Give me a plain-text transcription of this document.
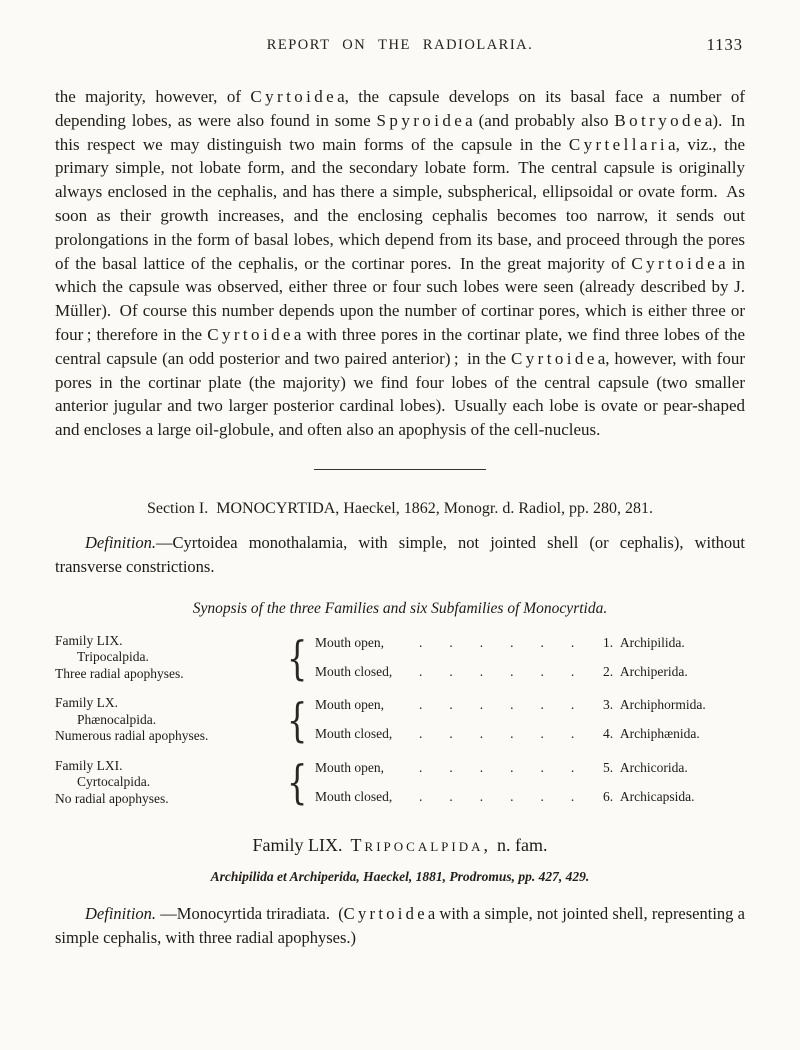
REPORT ON THE RADIOLARIA.	1133

the majority, however, of C y r t o i d e a, the capsule develops on its basal face a number of depending lobes, as were also found in some S p y r o i d e a (and probably also B o t r y o d e a). In this respect we may distinguish two main forms of the capsule in the C y r t e l l a r i a, viz., the primary simple, not lobate form, and the secondary lobate form. The central capsule is originally always enclosed in the cephalis, and has there a simple, subspherical, ellipsoidal or ovate form. As soon as their growth increases, and the enclosing cephalis becomes too narrow, it sends out prolongations in the form of basal lobes, which depend from its base, and proceed through the pores of the basal lattice of the cephalis, or the cortinar pores. In the great majority of C y r t o i d e a in which the capsule was observed, either three or four such lobes were seen (already described by J. Müller). Of course this number depends upon the number of cortinar pores, which is either three or four ; therefore in the C y r t o i d e a with three pores in the cortinar plate, we find three lobes of the central capsule (an odd posterior and two paired anterior) ; in the C y r t o i d e a, however, with four pores in the cortinar plate (the majority) we find four lobes of the central capsule (two smaller anterior jugular and two larger posterior cardinal lobes). Usually each lobe is ovate or pear-shaped and encloses a large oil-globule, and often also an apophysis of the cell-nucleus.

Section I. MONOCYRTIDA, Haeckel, 1862, Monogr. d. Radiol, pp. 280, 281.

Definition.—Cyrtoidea monothalamia, with simple, not jointed shell (or cephalis), without transverse constrictions.

Synopsis of the three Families and six Subfamilies of Monocyrtida.
Family LIX.
Tripocalpida.
Three radial apophyses.	{ Mouth open,	.  .  .  .  .  .	1. Archipilida.
Mouth closed,	.  .  .  .  .  .	2. Archiperida.
Family LX.
Phænocalpida.
Numerous radial apophyses.	{ Mouth open,	.  .  .  .  .  .	3. Archiphormida.
Mouth closed,	.  .  .  .  .  .	4. Archiphænida.
Family LXI.
Cyrtocalpida.
No radial apophyses.	{ Mouth open,	.  .  .  .  .  .	5. Archicorida.
Mouth closed,	.  .  .  .  .  .	6. Archicapsida.
Family LIX. Tripocalpida, n. fam.
Archipilida et Archiperida, Haeckel, 1881, Prodromus, pp. 427, 429.

Definition. —Monocyrtida triradiata. (C y r t o i d e a with a simple, not jointed shell, representing a simple cephalis, with three radial apophyses.)
